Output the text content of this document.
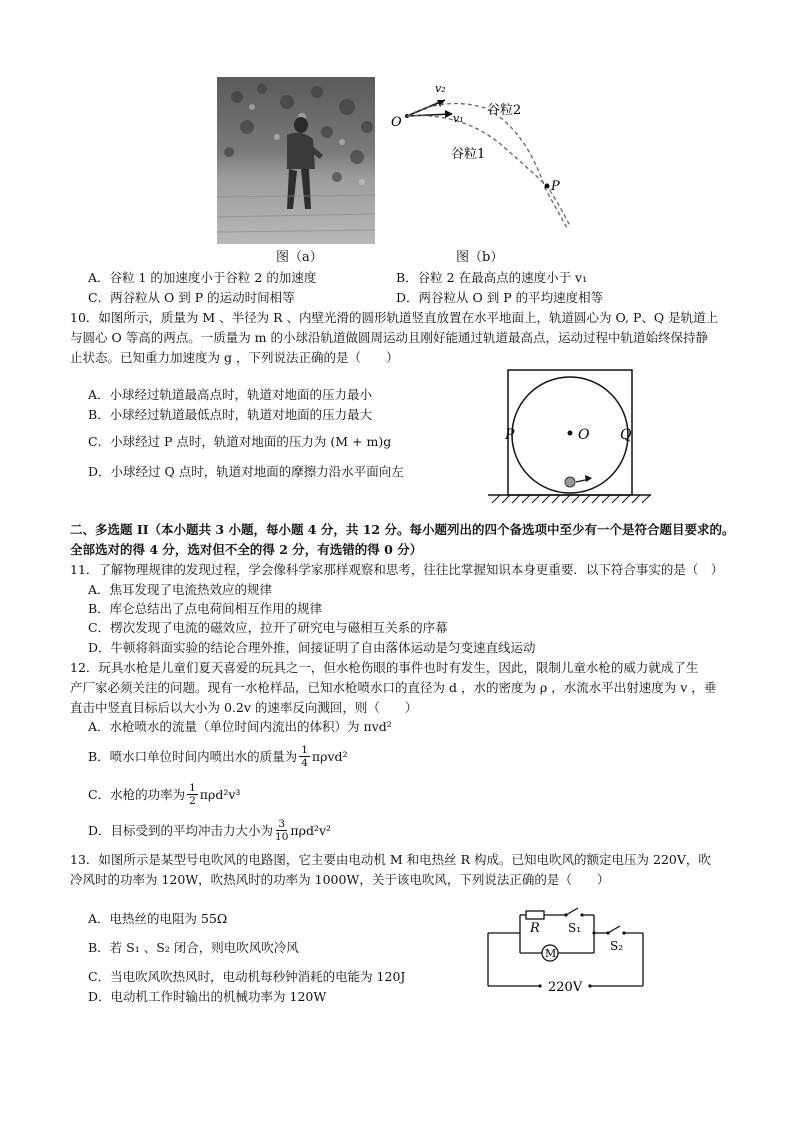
图（a）
O
v₂
v₁
谷粒2
谷粒1
P
图（b）
A．谷粒 1 的加速度小于谷粒 2 的加速度	B．谷粒 2 在最高点的速度小于 v₁
C．两谷粒从 O 到 P 的运动时间相等	D．两谷粒从 O 到 P 的平均速度相等
10．如图所示，质量为 M 、半径为 R 、内壁光滑的圆形轨道竖直放置在水平地面上，轨道圆心为 O, P、Q 是轨道上
与圆心 O 等高的两点。一质量为 m 的小球沿轨道做圆周运动且刚好能通过轨道最高点，运动过程中轨道始终保持静
止状态。已知重力加速度为 g ，下列说法正确的是（　　）
A．小球经过轨道最高点时，轨道对地面的压力最小
B．小球经过轨道最低点时，轨道对地面的压力最大
C．小球经过 P 点时，轨道对地面的压力为 (M + m)g
D．小球经过 Q 点时，轨道对地面的摩擦力沿水平面向左
O
P	Q
二、多选题 II（本小题共 3 小题，每小题 4 分，共 12 分。每小题列出的四个备选项中至少有一个是符合题目要求的。
全部选对的得 4 分，选对但不全的得 2 分，有选错的得 0 分）
11．了解物理规律的发现过程，学会像科学家那样观察和思考，往往比掌握知识本身更重要．以下符合事实的是（　）
A．焦耳发现了电流热效应的规律
B．库仑总结出了点电荷间相互作用的规律
C．楞次发现了电流的磁效应，拉开了研究电与磁相互关系的序幕
D．牛顿将斜面实验的结论合理外推，间接证明了自由落体运动是匀变速直线运动
12．玩具水枪是儿童们夏天喜爱的玩具之一，但水枪伤眼的事件也时有发生，因此，限制儿童水枪的威力就成了生
产厂家必须关注的问题。现有一水枪样品，已知水枪喷水口的直径为 d ，水的密度为 ρ ，水流水平出射速度为 v ，垂
直击中竖直目标后以大小为 0.2v 的速率反向溅回，则（　　）
A．水枪喷水的流量（单位时间内流出的体积）为 πvd²
B．喷水口单位时间内喷出水的质量为 $\frac{1}{4} \pi\rho vd^2$
C．水枪的功率为 $\frac{1}{2} \pi\rho d^2v^3$
D．目标受到的平均冲击力大小为 $\frac{3}{10} \pi\rho d^2v^2$
13．如图所示是某型号电吹风的电路图，它主要由电动机 M 和电热丝 R 构成。已知电吹风的额定电压为 220V，吹
冷风时的功率为 120W，吹热风时的功率为 1000W，关于该电吹风，下列说法正确的是（　　）
A．电热丝的电阻为 55Ω
B．若 S₁ 、S₂ 闭合，则电吹风吹冷风
C．当电吹风吹热风时，电动机每秒钟消耗的电能为 120J
D．电动机工作时输出的机械功率为 120W
M
R S₁
S₂
220V
